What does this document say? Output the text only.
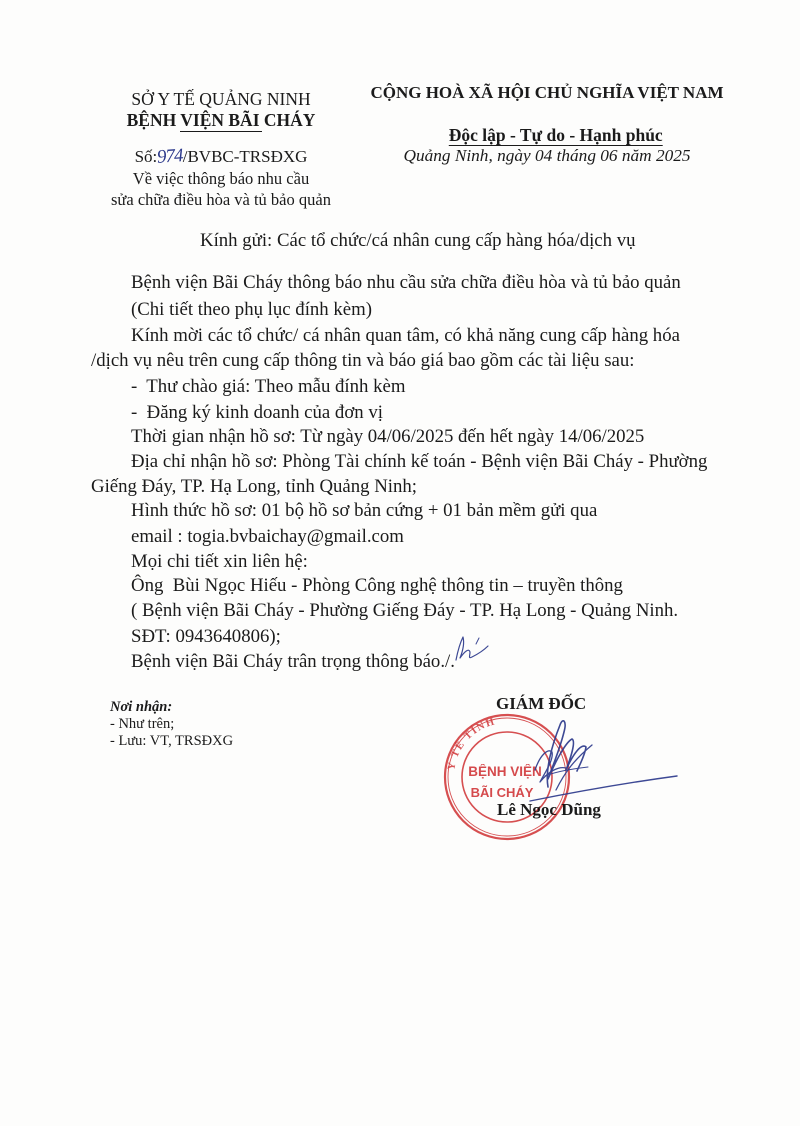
SỞ Y TẾ QUẢNG NINH
BỆNH VIỆN BÃI CHÁY
CỘNG HOÀ XÃ HỘI CHỦ NGHĨA VIỆT NAM

Độc lập - Tự do - Hạnh phúc

Số:974/BVBC-TRSĐXG
Về việc thông báo nhu cầu
sửa chữa điều hòa và tủ bảo quản
Quảng Ninh, ngày 04 tháng 06 năm 2025
Kính gửi: Các tổ chức/cá nhân cung cấp hàng hóa/dịch vụ
Bệnh viện Bãi Cháy thông báo nhu cầu sửa chữa điều hòa và tủ bảo quản
(Chi tiết theo phụ lục đính kèm)
Kính mời các tổ chức/ cá nhân quan tâm, có khả năng cung cấp hàng hóa
/dịch vụ nêu trên cung cấp thông tin và báo giá bao gồm các tài liệu sau:
-  Thư chào giá: Theo mẫu đính kèm
-  Đăng ký kinh doanh của đơn vị
Thời gian nhận hồ sơ: Từ ngày 04/06/2025 đến hết ngày 14/06/2025
Địa chỉ nhận hồ sơ: Phòng Tài chính kế toán - Bệnh viện Bãi Cháy - Phường
Giếng Đáy, TP. Hạ Long, tỉnh Quảng Ninh;
Hình thức hồ sơ: 01 bộ hồ sơ bản cứng + 01 bản mềm gửi qua
email : togia.bvbaichay@gmail.com
Mọi chi tiết xin liên hệ:
Ông  Bùi Ngọc Hiếu - Phòng Công nghệ thông tin – truyền thông
( Bệnh viện Bãi Cháy - Phường Giếng Đáy - TP. Hạ Long - Quảng Ninh.
SĐT: 0943640806);
Bệnh viện Bãi Cháy trân trọng thông báo./.
Nơi nhận:
- Như trên;
- Lưu: VT, TRSĐXG
GIÁM ĐỐC
Lê Ngọc Dũng
Y TẾ TỈNH
BỆNH VIỆN
BÃI CHÁY
